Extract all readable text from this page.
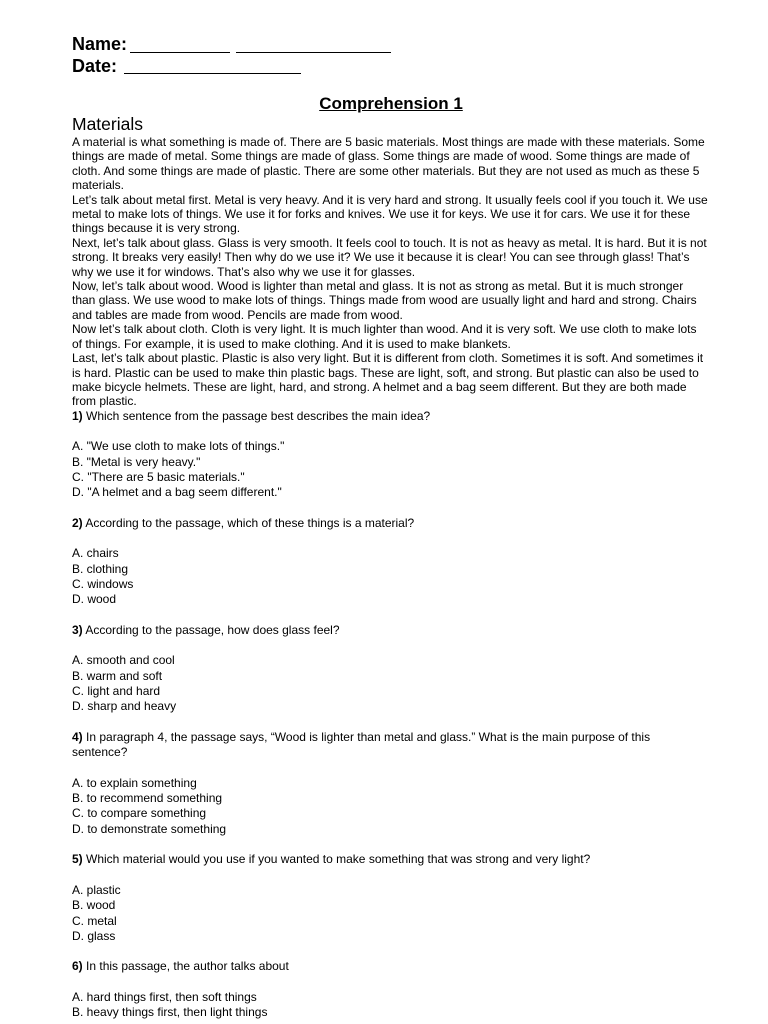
Name:
Date:
Comprehension 1
Materials

A material is what something is made of. There are 5 basic materials. Most things are made with these materials. Some things are made of metal. Some things are made of glass. Some things are made of wood. Some things are made of cloth. And some things are made of plastic. There are some other materials. But they are not used as much as these 5 materials.

Let’s talk about metal first. Metal is very heavy. And it is very hard and strong. It usually feels cool if you touch it. We use metal to make lots of things. We use it for forks and knives. We use it for keys. We use it for cars. We use it for these things because it is very strong.

Next, let’s talk about glass. Glass is very smooth. It feels cool to touch. It is not as heavy as metal. It is hard. But it is not strong. It breaks very easily! Then why do we use it? We use it because it is clear! You can see through glass! That’s why we use it for windows. That’s also why we use it for glasses.

Now, let’s talk about wood. Wood is lighter than metal and glass. It is not as strong as metal. But it is much stronger than glass. We use wood to make lots of things. Things made from wood are usually light and hard and strong. Chairs and tables are made from wood. Pencils are made from wood.

Now let’s talk about cloth. Cloth is very light. It is much lighter than wood. And it is very soft. We use cloth to make lots of things. For example, it is used to make clothing. And it is used to make blankets.

Last, let’s talk about plastic. Plastic is also very light. But it is different from cloth. Sometimes it is soft. And sometimes it is hard. Plastic can be used to make thin plastic bags. These are light, soft, and strong. But plastic can also be used to make bicycle helmets. These are light, hard, and strong. A helmet and a bag seem different. But they are both made from plastic.

1) Which sentence from the passage best describes the main idea?

A. "We use cloth to make lots of things."

B. "Metal is very heavy."

C. "There are 5 basic materials."

D. "A helmet and a bag seem different."

2) According to the passage, which of these things is a material?

A. chairs

B. clothing

C. windows

D. wood

3) According to the passage, how does glass feel?

A. smooth and cool

B. warm and soft

C. light and hard

D. sharp and heavy

4) In paragraph 4, the passage says, “Wood is lighter than metal and glass.” What is the main purpose of this sentence?

A. to explain something

B. to recommend something

C. to compare something

D. to demonstrate something

5) Which material would you use if you wanted to make something that was strong and very light?

A. plastic

B. wood

C. metal

D. glass

6) In this passage, the author talks about

A. hard things first, then soft things

B. heavy things first, then light things
